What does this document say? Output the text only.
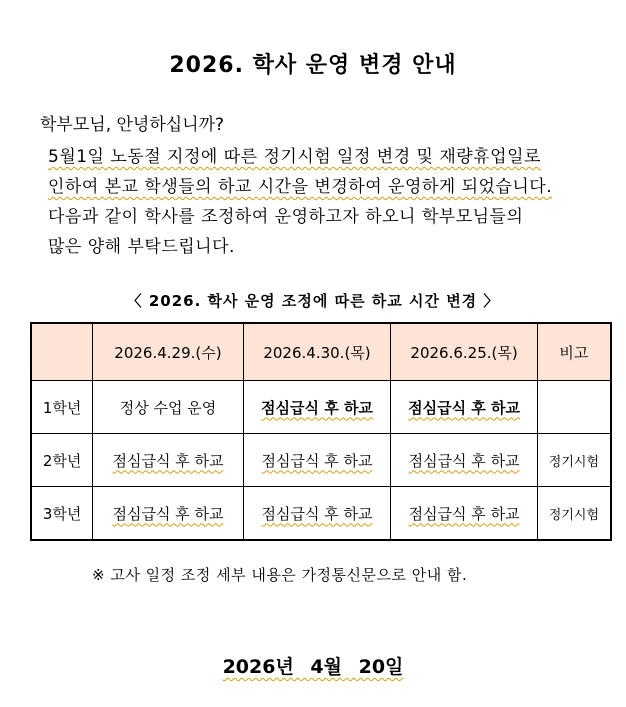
2026. 학사 운영 변경 안내
학부모님, 안녕하십니까?
5월1일 노동절 지정에 따른 정기시험 일정 변경 및 재량휴업일로
인하여 본교 학생들의 하교 시간을 변경하여 운영하게 되었습니다.
다음과 같이 학사를 조정하여 운영하고자 하오니 학부모님들의
많은 양해 부탁드립니다.
〈 2026. 학사 운영 조정에 따른 하교 시간 변경 〉
	2026.4.29.(수)	2026.4.30.(목)	2026.6.25.(목)	비고
1학년	정상 수업 운영	점심급식 후 하교	점심급식 후 하교	
2학년	점심급식 후 하교	점심급식 후 하교	점심급식 후 하교	정기시험
3학년	점심급식 후 하교	점심급식 후 하교	점심급식 후 하교	정기시험
※ 고사 일정 조정 세부 내용은 가정통신문으로 안내 함.
2026년 4월 20일
